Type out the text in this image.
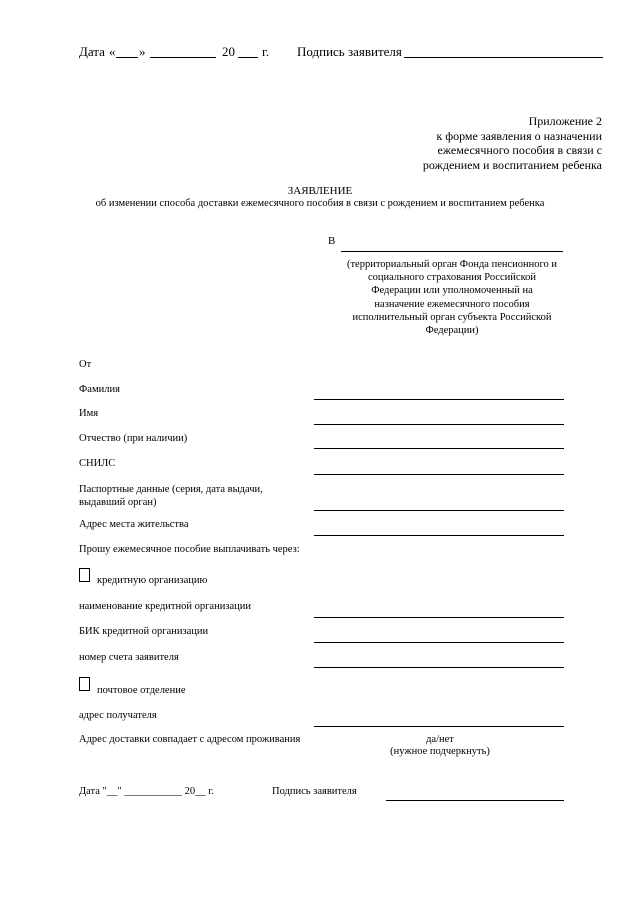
Дата « »	20 г. Подпись заявителя
Приложение 2
к форме заявления о назначении
ежемесячного пособия в связи с
рождением и воспитанием ребенка
ЗАЯВЛЕНИЕ
об изменении способа доставки ежемесячного пособия в связи с рождением и воспитанием ребенка
В
(территориальный орган Фонда пенсионного и
социального страхования Российской
Федерации или уполномоченный на
назначение ежемесячного пособия
исполнительный орган субъекта Российской
Федерации)
От
Фамилия
Имя
Отчество (при наличии)
СНИЛС
Паспортные данные (серия, дата выдачи,
выдавший орган)
Адрес места жительства
Прошу ежемесячное пособие выплачивать через:
кредитную организацию
наименование кредитной организации
БИК кредитной организации
номер счета заявителя
почтовое отделение
адрес получателя
Адрес доставки совпадает с адресом проживания	да/нет
(нужное подчеркнуть)
Дата "__" ___________ 20__ г.	Подпись заявителя
